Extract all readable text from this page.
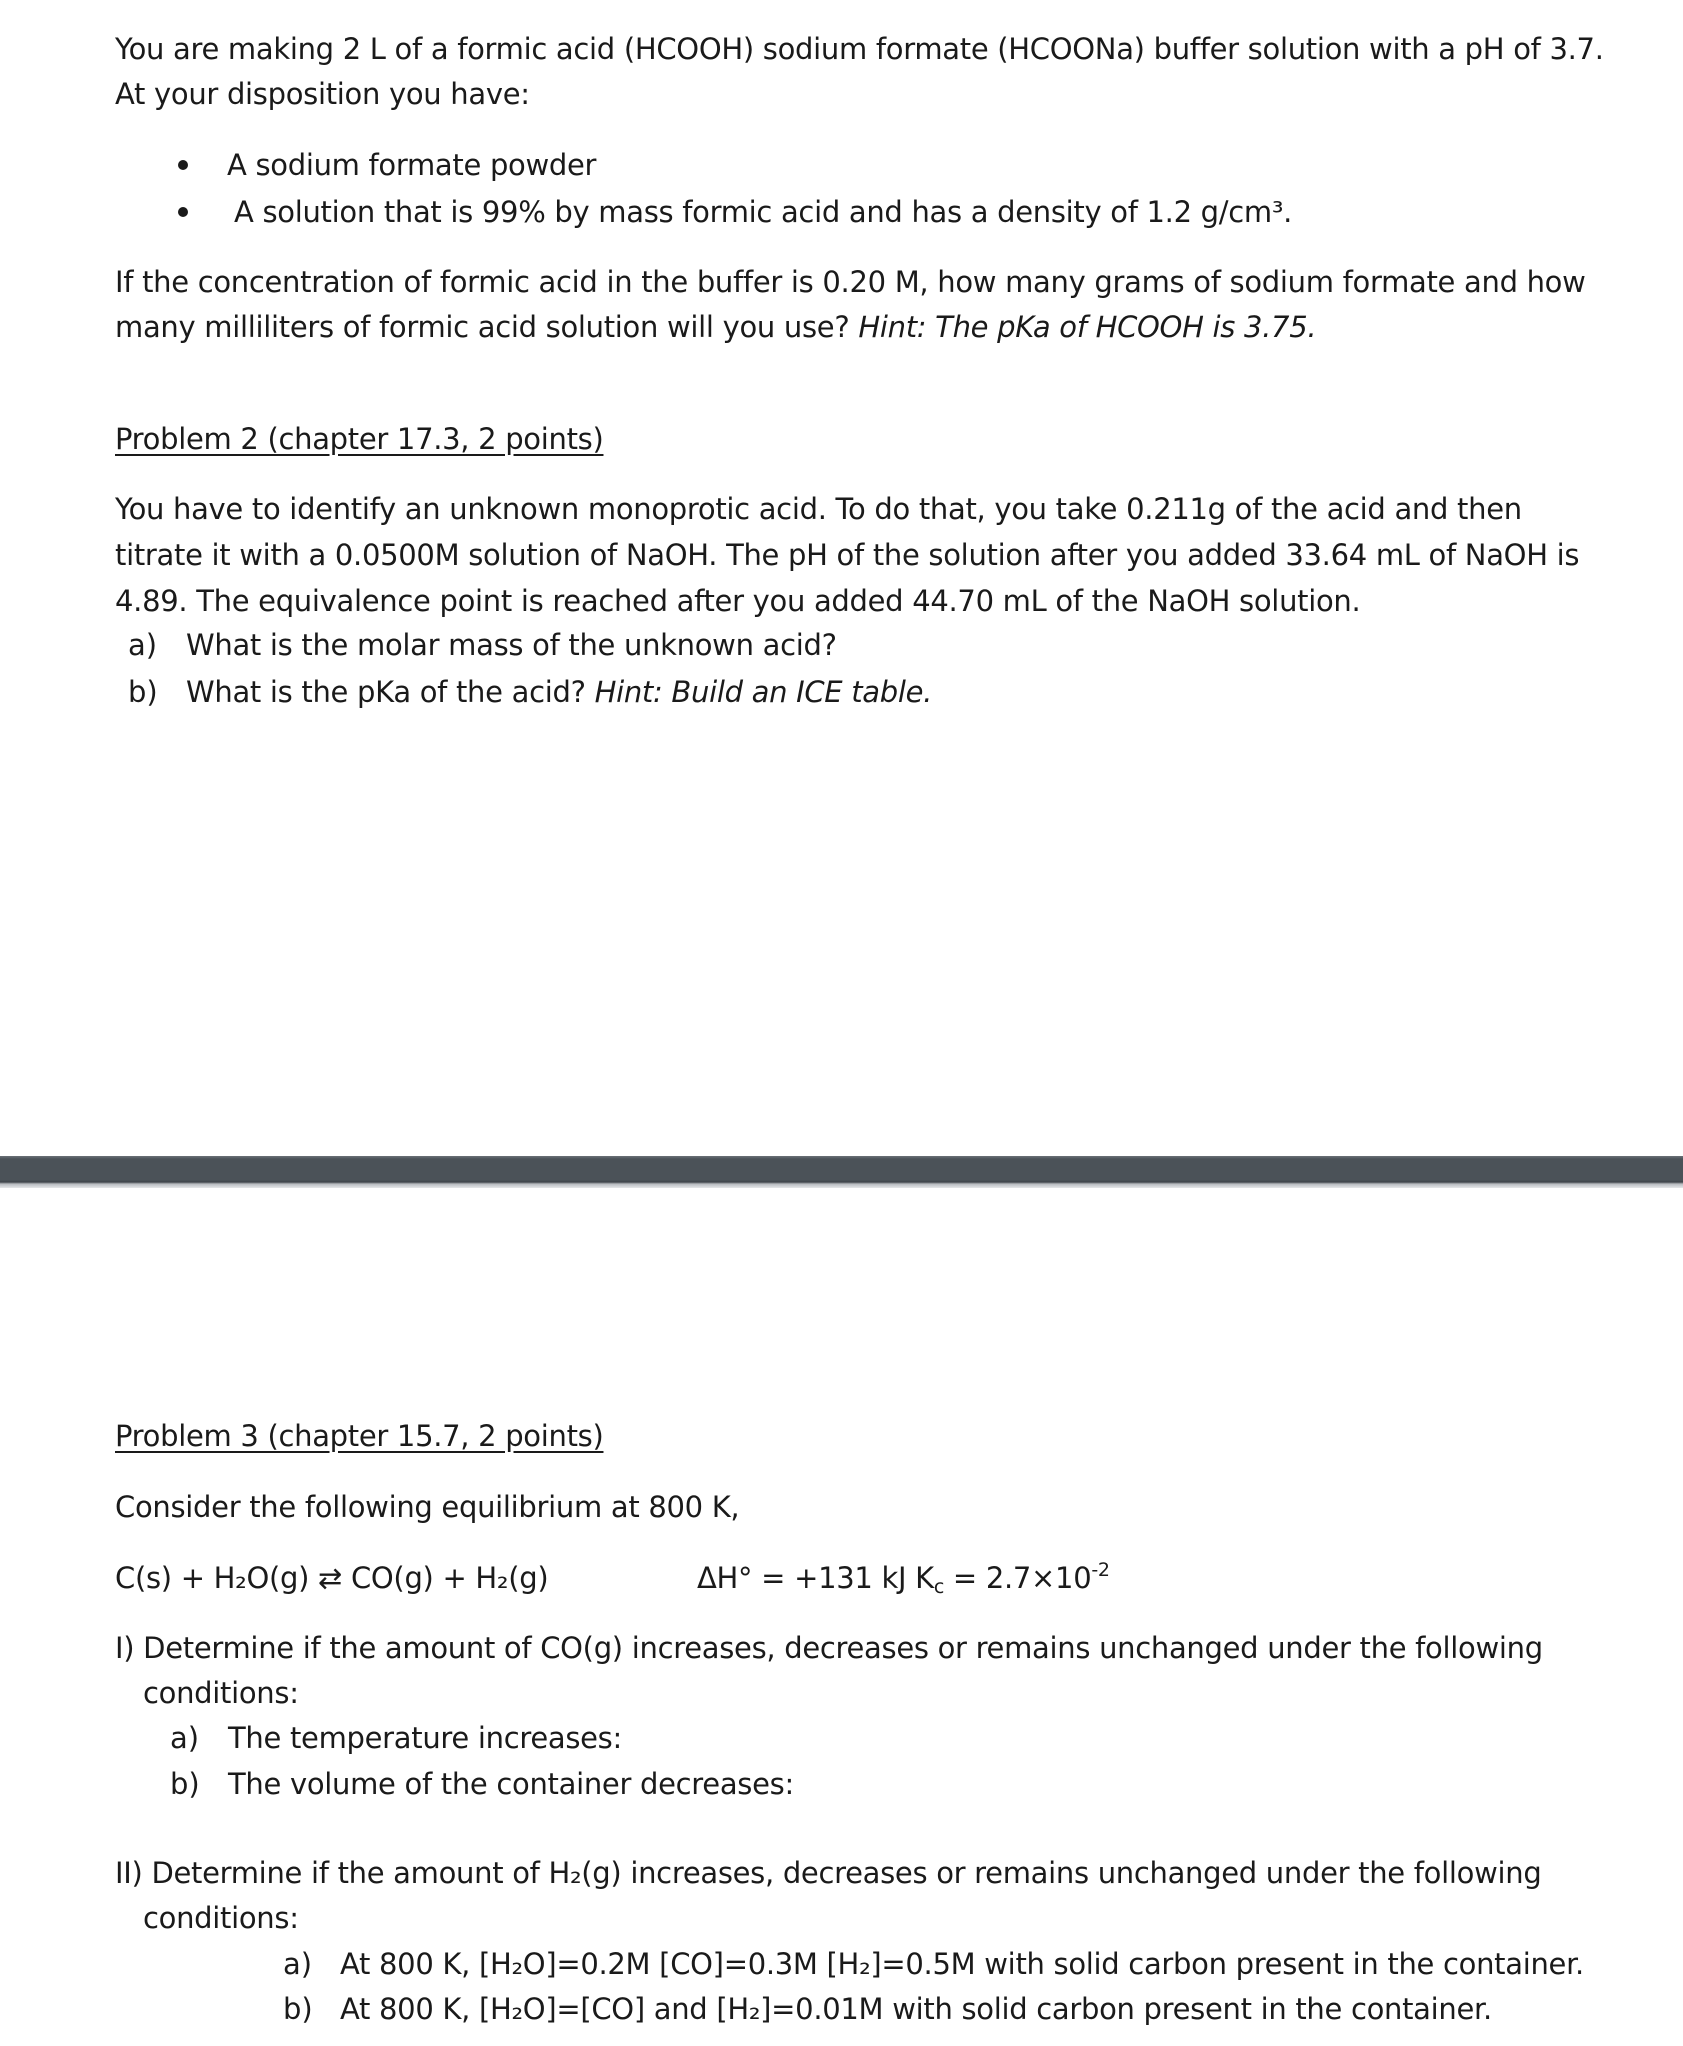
You are making 2 L of a formic acid (HCOOH) sodium formate (HCOONa) buffer solution with a pH of 3.7.
At your disposition you have:
A sodium formate powder
A solution that is 99% by mass formic acid and has a density of 1.2 g/cm³.
If the concentration of formic acid in the buffer is 0.20 M, how many grams of sodium formate and how
many milliliters of formic acid solution will you use? Hint: The pKa of HCOOH is 3.75.
Problem 2 (chapter 17.3, 2 points)
You have to identify an unknown monoprotic acid. To do that, you take 0.211g of the acid and then
titrate it with a 0.0500M solution of NaOH. The pH of the solution after you added 33.64 mL of NaOH is
4.89. The equivalence point is reached after you added 44.70 mL of the NaOH solution.
a) What is the molar mass of the unknown acid?
b) What is the pKa of the acid? Hint: Build an ICE table.
Problem 3 (chapter 15.7, 2 points)
Consider the following equilibrium at 800 K,
C(s) + H₂O(g) ⇄ CO(g) + H₂(g)	ΔH° = +131 kJ $K_c = 2.7\times 10^{-2}$
I) Determine if the amount of CO(g) increases, decreases or remains unchanged under the following
conditions:
a) The temperature increases:
b) The volume of the container decreases:
II) Determine if the amount of H₂(g) increases, decreases or remains unchanged under the following
conditions:
a) At 800 K, [H₂O]=0.2M [CO]=0.3M [H₂]=0.5M with solid carbon present in the container.
b) At 800 K, [H₂O]=[CO] and [H₂]=0.01M with solid carbon present in the container.
